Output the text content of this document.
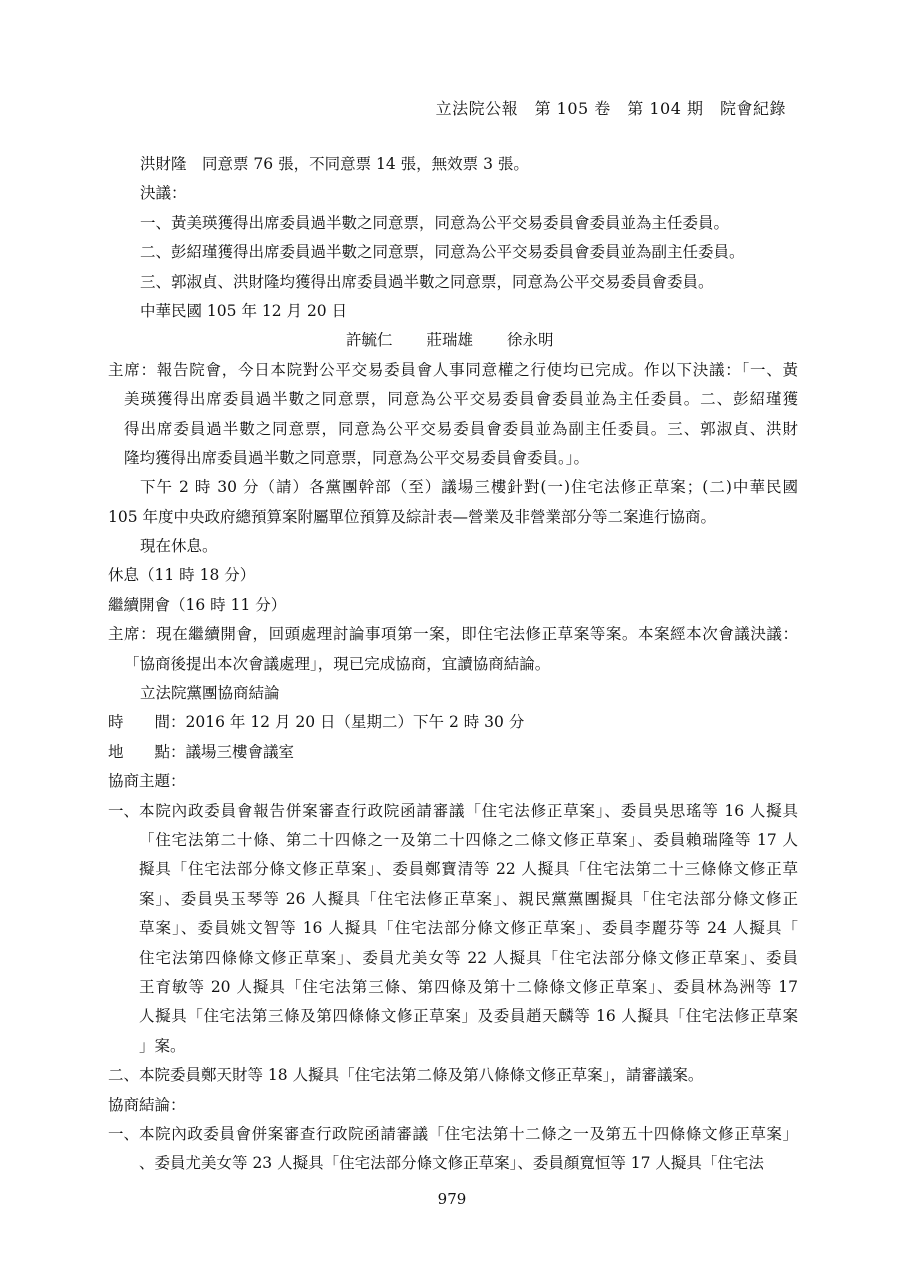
立法院公報　第 105 卷　第 104 期　院會紀錄
洪財隆　同意票 76 張，不同意票 14 張，無效票 3 張。
決議：
一、黃美瑛獲得出席委員過半數之同意票，同意為公平交易委員會委員並為主任委員。
二、彭紹瑾獲得出席委員過半數之同意票，同意為公平交易委員會委員並為副主任委員。
三、郭淑貞、洪財隆均獲得出席委員過半數之同意票，同意為公平交易委員會委員。
中華民國 105 年 12 月 20 日
許毓仁 莊瑞雄 徐永明
主席：報告院會，今日本院對公平交易委員會人事同意權之行使均已完成。作以下決議：「一、黃
美瑛獲得出席委員過半數之同意票，同意為公平交易委員會委員並為主任委員。二、彭紹瑾獲
得出席委員過半數之同意票，同意為公平交易委員會委員並為副主任委員。三、郭淑貞、洪財
隆均獲得出席委員過半數之同意票，同意為公平交易委員會委員。」。
下午 2 時 30 分（請）各黨團幹部（至）議場三樓針對(一)住宅法修正草案；(二)中華民國
105 年度中央政府總預算案附屬單位預算及綜計表—營業及非營業部分等二案進行協商。
現在休息。
休息（11 時 18 分）
繼續開會（16 時 11 分）
主席：現在繼續開會，回頭處理討論事項第一案，即住宅法修正草案等案。本案經本次會議決議：
「協商後提出本次會議處理」，現已完成協商，宜讀協商結論。
立法院黨團協商結論
時　　間：2016 年 12 月 20 日（星期二）下午 2 時 30 分
地　　點：議場三樓會議室
協商主題：
一、 本院內政委員會報告併案審查行政院函請審議「住宅法修正草案」、委員吳思瑤等 16 人擬具
「住宅法第二十條、第二十四條之一及第二十四條之二條文修正草案」、委員賴瑞隆等 17 人
擬具「住宅法部分條文修正草案」、委員鄭寶清等 22 人擬具「住宅法第二十三條條文修正草
案」、委員吳玉琴等 26 人擬具「住宅法修正草案」、親民黨黨團擬具「住宅法部分條文修正
草案」、委員姚文智等 16 人擬具「住宅法部分條文修正草案」、委員李麗芬等 24 人擬具「
住宅法第四條條文修正草案」、委員尤美女等 22 人擬具「住宅法部分條文修正草案」、委員
王育敏等 20 人擬具「住宅法第三條、第四條及第十二條條文修正草案」、委員林為洲等 17
人擬具「住宅法第三條及第四條條文修正草案」及委員趙天麟等 16 人擬具「住宅法修正草案
」案。
二、本院委員鄭天財等 18 人擬具「住宅法第二條及第八條條文修正草案」，請審議案。
協商結論：
一、 本院內政委員會併案審查行政院函請審議「住宅法第十二條之一及第五十四條條文修正草案」
、委員尤美女等 23 人擬具「住宅法部分條文修正草案」、委員顏寬恒等 17 人擬具「住宅法
979
